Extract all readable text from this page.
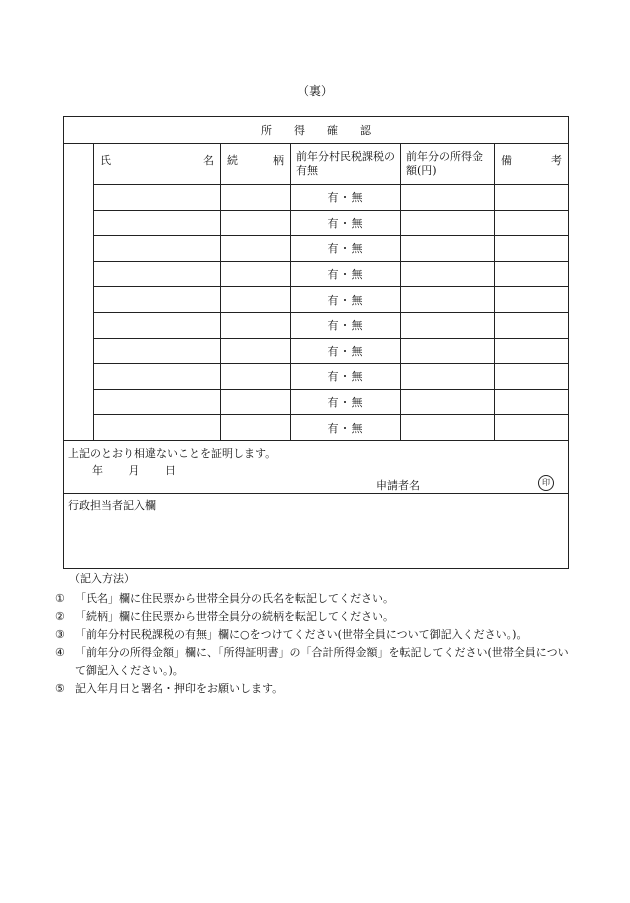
（裏）
所得確認					

	氏 名	続 柄	前年分村民税課税の有無	前年分の所得金額(円)	備 考

			有・無		
			有・無		
			有・無		
			有・無		
			有・無		
			有・無		
			有・無		
			有・無		
			有・無		
			有・無		

上記のとおり相違ないことを証明します。
年 月 日
申請者名 印					

行政担当者記入欄					
（記入方法）
① 「氏名」欄に住民票から世帯全員分の氏名を転記してください。
② 「続柄」欄に住民票から世帯全員分の続柄を転記してください。
③ 「前年分村民税課税の有無」欄に○をつけてください(世帯全員について御記入ください。)。
④ 「前年分の所得金額」欄に、「所得証明書」の「合計所得金額」を転記してください(世帯全員について御記入ください。)。
⑤ 記入年月日と署名・押印をお願いします。
